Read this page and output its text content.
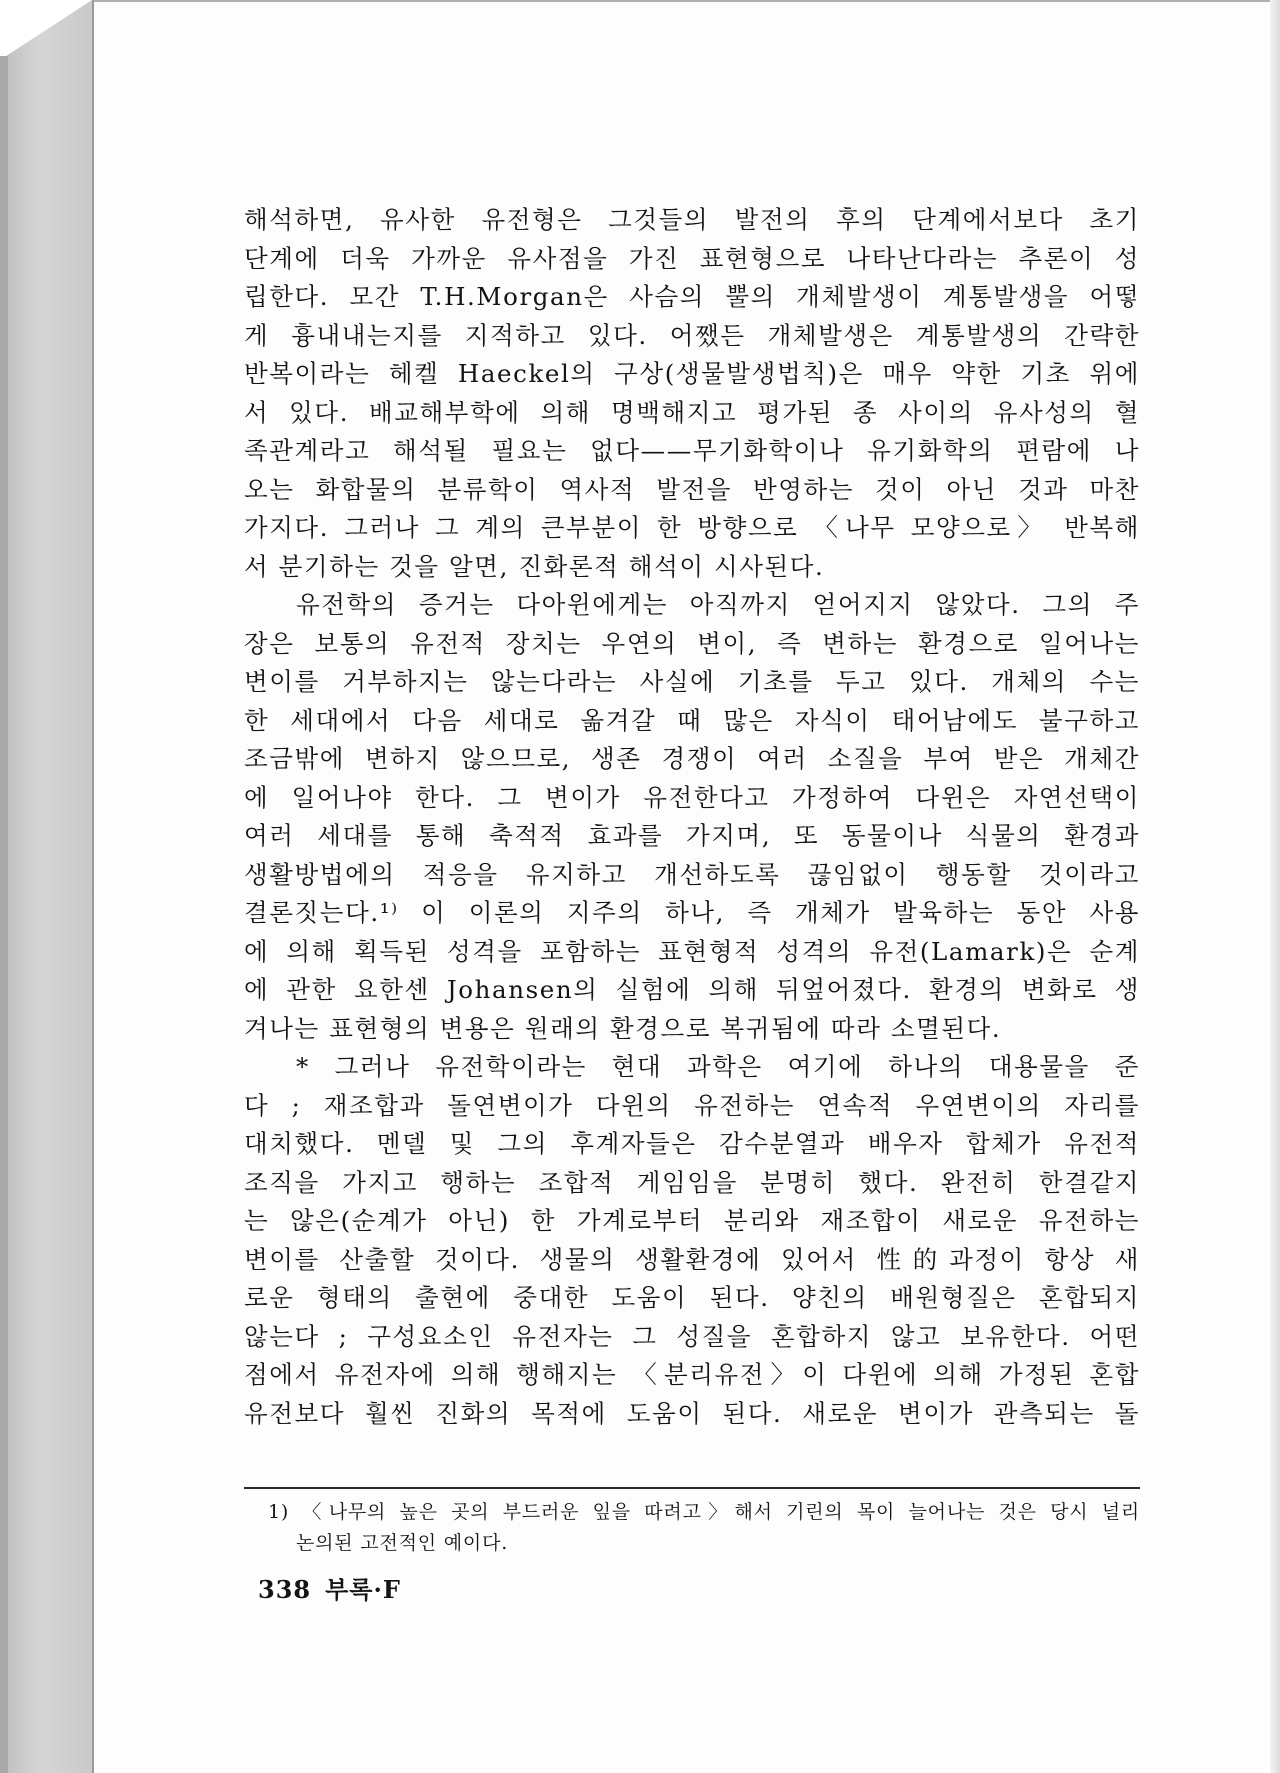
해석하면, 유사한 유전형은 그것들의 발전의 후의 단계에서보다 초기
단계에 더욱 가까운 유사점을 가진 표현형으로 나타난다라는 추론이 성
립한다. 모간 T.H.Morgan은 사슴의 뿔의 개체발생이 계통발생을 어떻
게 흉내내는지를 지적하고 있다. 어쨌든 개체발생은 계통발생의 간략한
반복이라는 헤켈 Haeckel의 구상(생물발생법칙)은 매우 약한 기초 위에
서 있다. 배교해부학에 의해 명백해지고 평가된 종 사이의 유사성의 혈
족관계라고 해석될 필요는 없다——무기화학이나 유기화학의 편람에 나
오는 화합물의 분류학이 역사적 발전을 반영하는 것이 아닌 것과 마찬
가지다. 그러나 그 계의 큰부분이 한 방향으로 〈나무 모양으로〉 반복해
서 분기하는 것을 알면, 진화론적 해석이 시사된다.
유전학의 증거는 다아윈에게는 아직까지 얻어지지 않았다. 그의 주
장은 보통의 유전적 장치는 우연의 변이, 즉 변하는 환경으로 일어나는
변이를 거부하지는 않는다라는 사실에 기초를 두고 있다. 개체의 수는
한 세대에서 다음 세대로 옮겨갈 때 많은 자식이 태어남에도 불구하고
조금밖에 변하지 않으므로, 생존 경쟁이 여러 소질을 부여 받은 개체간
에 일어나야 한다. 그 변이가 유전한다고 가정하여 다윈은 자연선택이
여러 세대를 통해 축적적 효과를 가지며, 또 동물이나 식물의 환경과
생활방법에의 적응을 유지하고 개선하도록 끊임없이 행동할 것이라고
결론짓는다.¹⁾ 이 이론의 지주의 하나, 즉 개체가 발육하는 동안 사용
에 의해 획득된 성격을 포함하는 표현형적 성격의 유전(Lamark)은 순계
에 관한 요한센 Johansen의 실험에 의해 뒤엎어졌다. 환경의 변화로 생
겨나는 표현형의 변용은 원래의 환경으로 복귀됨에 따라 소멸된다.
* 그러나 유전학이라는 현대 과학은 여기에 하나의 대용물을 준
다 ; 재조합과 돌연변이가 다윈의 유전하는 연속적 우연변이의 자리를
대치했다. 멘델 및 그의 후계자들은 감수분열과 배우자 합체가 유전적
조직을 가지고 행하는 조합적 게임임을 분명히 했다. 완전히 한결같지
는 않은(순계가 아닌) 한 가계로부터 분리와 재조합이 새로운 유전하는
변이를 산출할 것이다. 생물의 생활환경에 있어서 性的과정이 항상 새
로운 형태의 출현에 중대한 도움이 된다. 양친의 배원형질은 혼합되지
않는다 ; 구성요소인 유전자는 그 성질을 혼합하지 않고 보유한다. 어떤
점에서 유전자에 의해 행해지는 〈분리유전〉이 다윈에 의해 가정된 혼합
유전보다 훨씬 진화의 목적에 도움이 된다. 새로운 변이가 관측되는 돌
1) 〈나무의 높은 곳의 부드러운 잎을 따려고〉해서 기린의 목이 늘어나는 것은 당시 널리
논의된 고전적인 예이다.
338 부록·F
